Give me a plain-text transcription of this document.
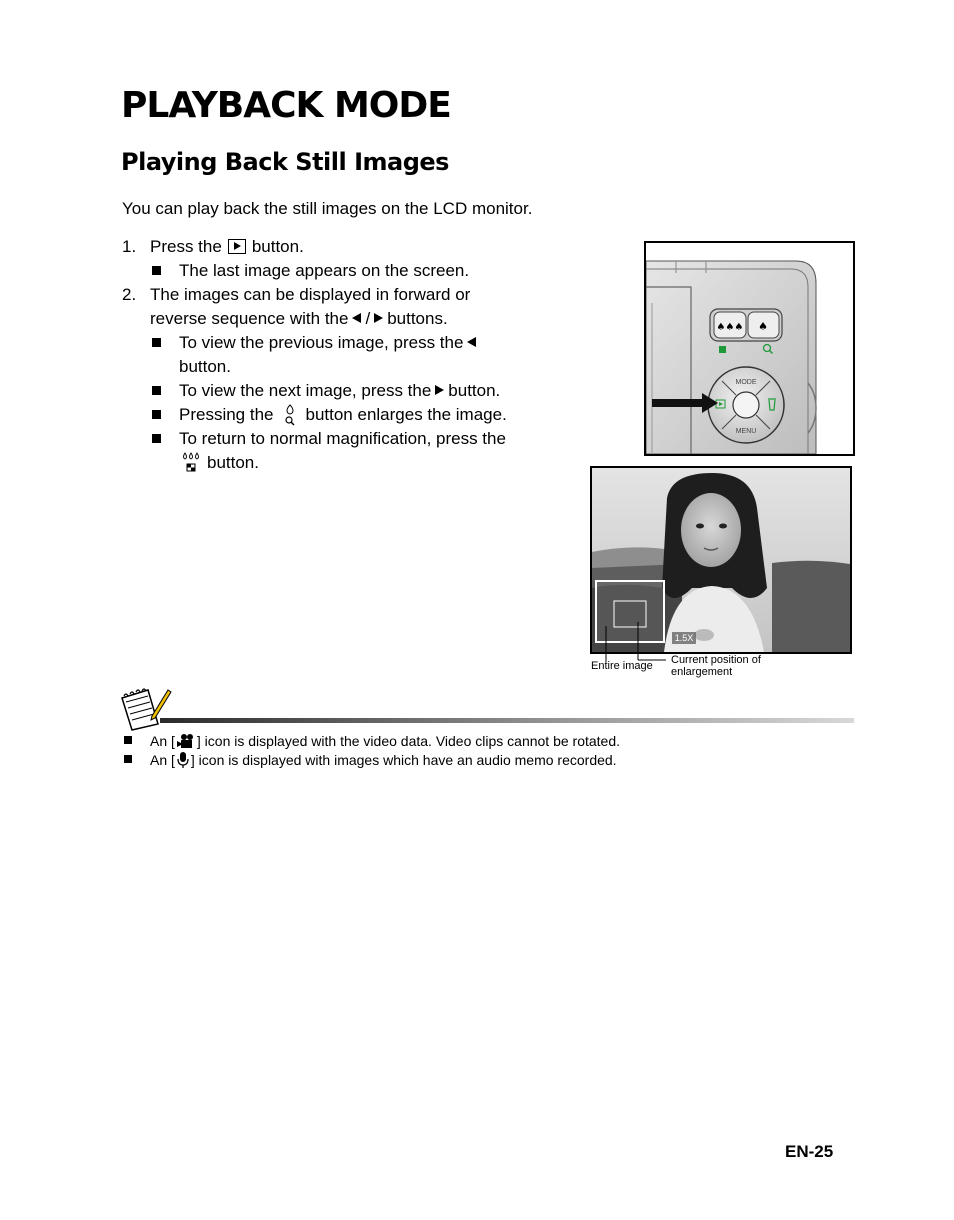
PLAYBACK MODE
Playing Back Still Images

You can play back the still images on the LCD monitor.

1. Press the button.
The last image appears on the screen.
2. The images can be displayed in forward or
reverse sequence with the / buttons.
To view the previous image, press the
button.
To view the next image, press the button.
Pressing the button enlarges the image.
To return to normal magnification, press the
button.
♠♠♠ ♠
MODE
MENU
1.5X
Entire image Current position of enlargement
An [ ] icon is displayed with the video data. Video clips cannot be rotated.
An [ ] icon is displayed with images which have an audio memo recorded.
EN-25
